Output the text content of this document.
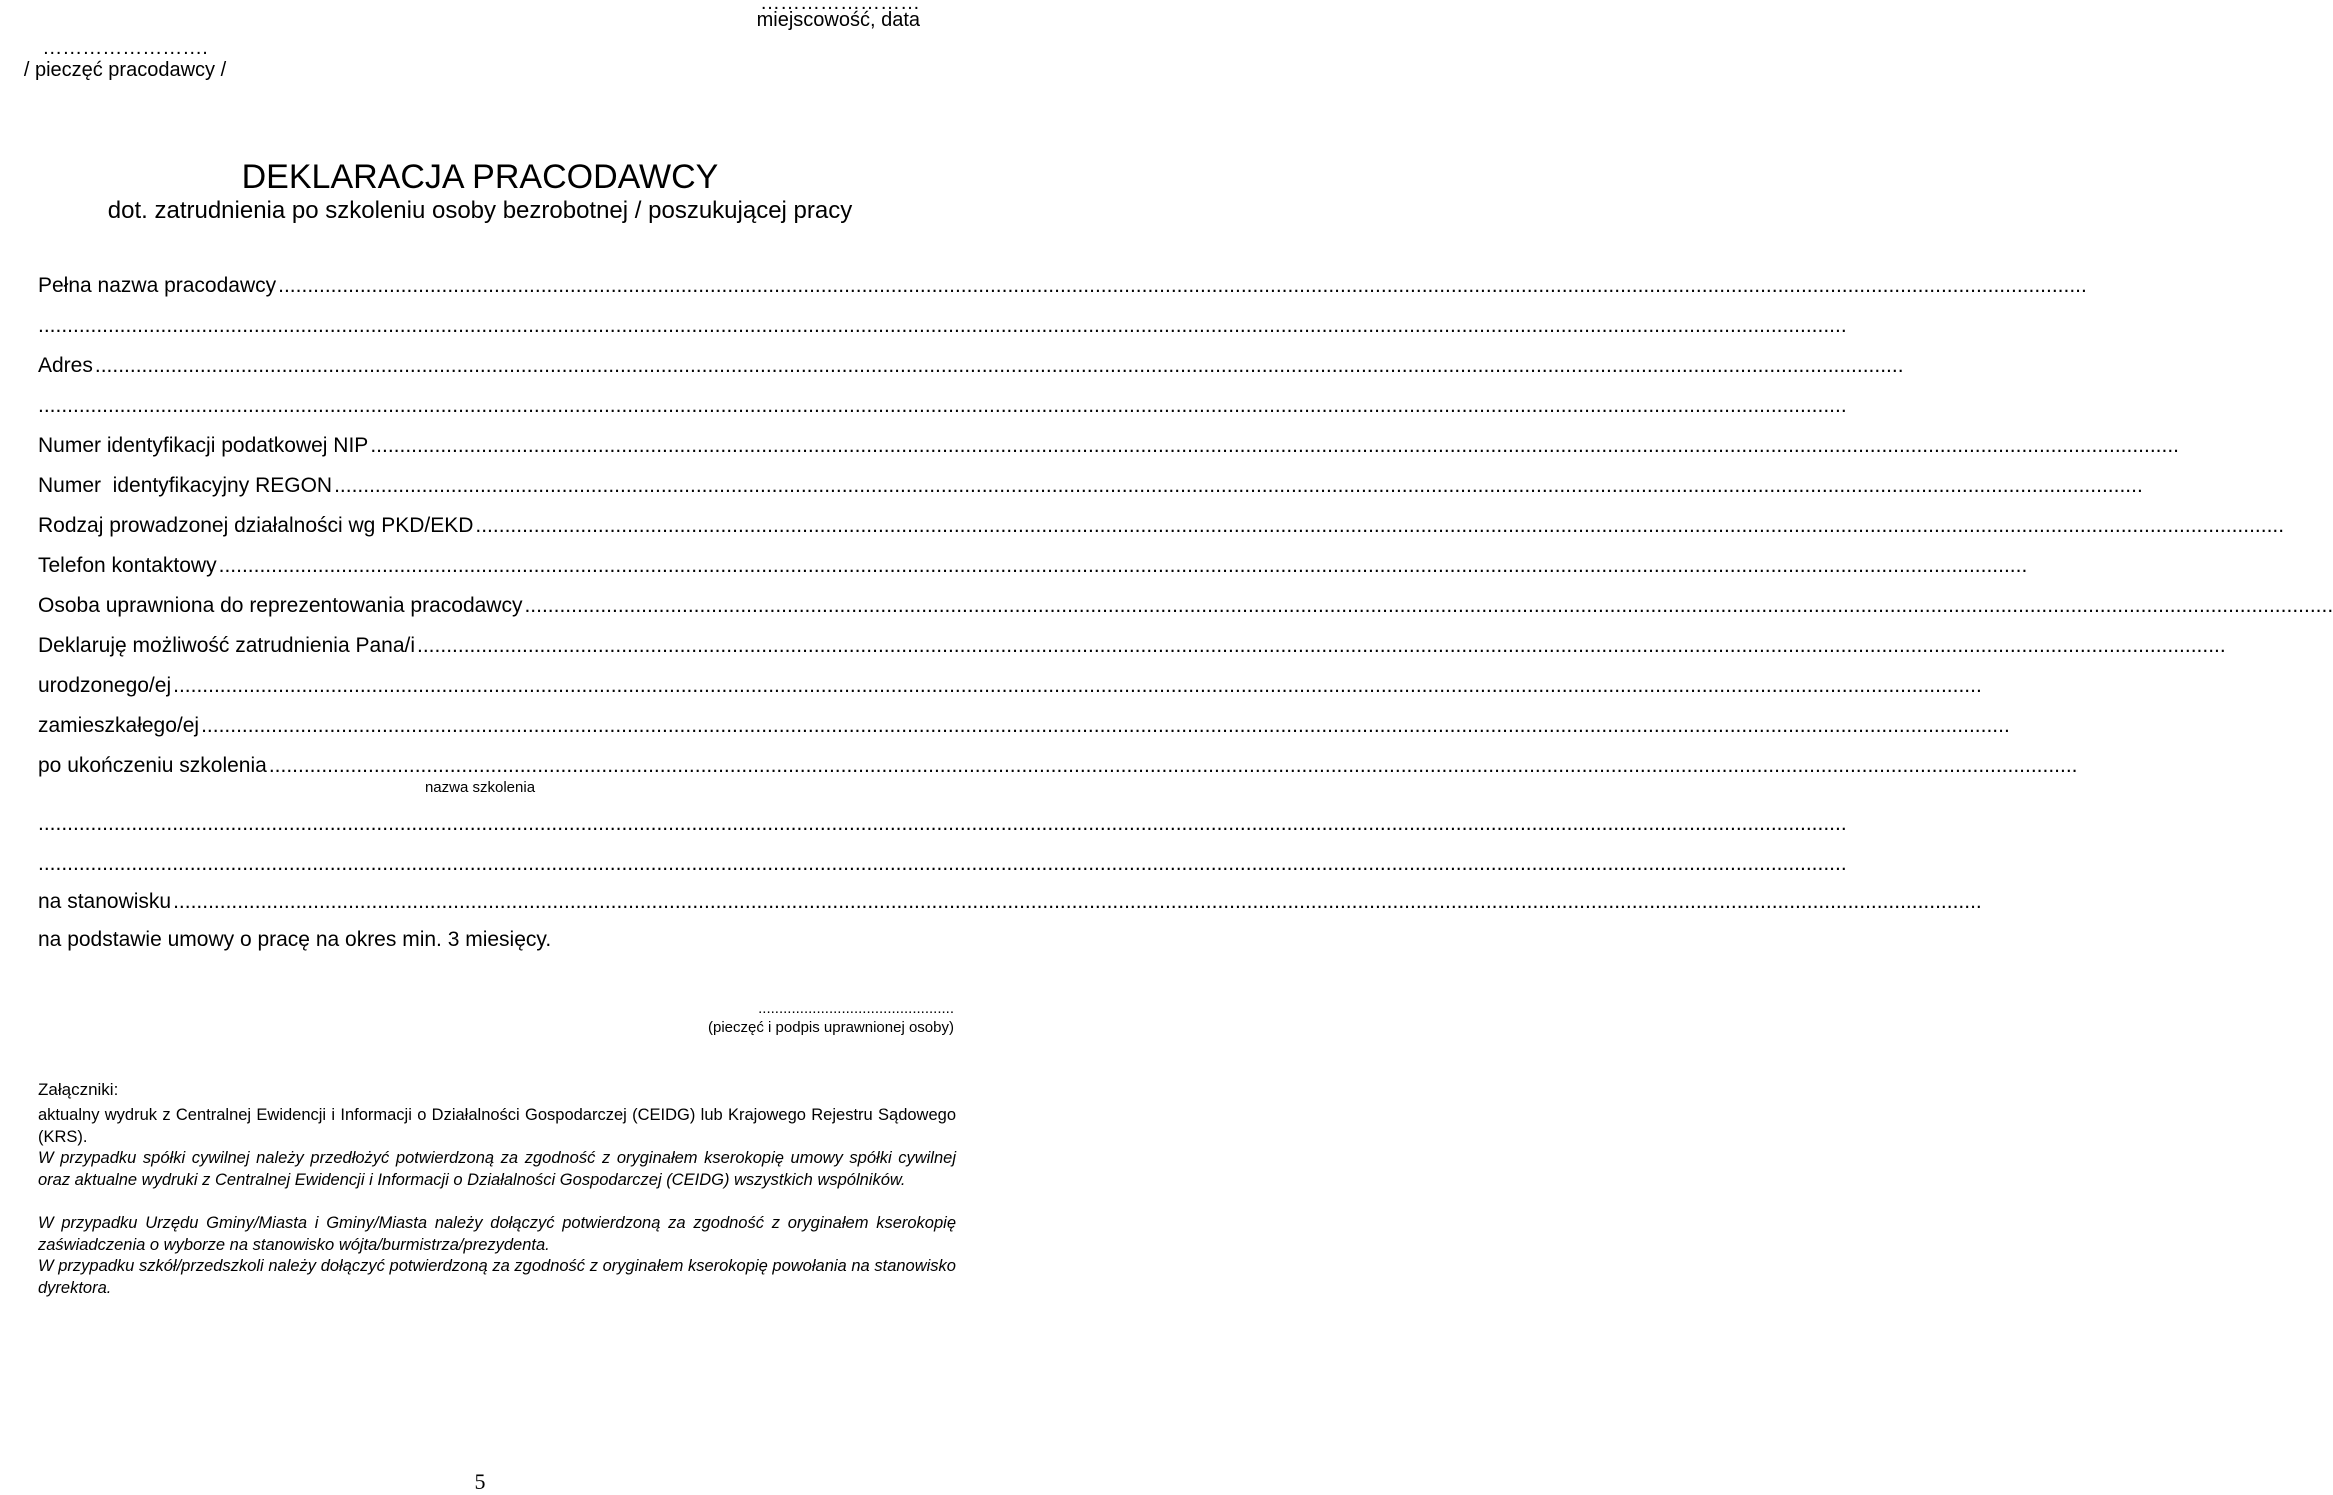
……………………
miejscowość, data
…………………….
/ pieczęć pracodawcy /
DEKLARACJA PRACODAWCY
dot. zatrudnienia po szkoleniu osoby bezrobotnej / poszukującej pracy
Pełna nazwa pracodawcy ......................................................................................................................................................................................................................................................................................................................
......................................................................................................................................................................................................................................................................................................................
Adres ......................................................................................................................................................................................................................................................................................................................
......................................................................................................................................................................................................................................................................................................................
Numer identyfikacji podatkowej NIP ......................................................................................................................................................................................................................................................................................................................
Numer  identyfikacyjny REGON ......................................................................................................................................................................................................................................................................................................................
Rodzaj prowadzonej działalności wg PKD/EKD ......................................................................................................................................................................................................................................................................................................................
Telefon kontaktowy ......................................................................................................................................................................................................................................................................................................................
Osoba uprawniona do reprezentowania pracodawcy ......................................................................................................................................................................................................................................................................................................................
Deklaruję możliwość zatrudnienia Pana/i ......................................................................................................................................................................................................................................................................................................................
urodzonego/ej ......................................................................................................................................................................................................................................................................................................................
zamieszkałego/ej ......................................................................................................................................................................................................................................................................................................................
po ukończeniu szkolenia ......................................................................................................................................................................................................................................................................................................................
nazwa szkolenia
......................................................................................................................................................................................................................................................................................................................
......................................................................................................................................................................................................................................................................................................................
na stanowisku ......................................................................................................................................................................................................................................................................................................................
na podstawie umowy o pracę na okres min. 3 miesięcy.
...............................................
(pieczęć i podpis uprawnionej osoby)
Załączniki:
aktualny wydruk z Centralnej Ewidencji i Informacji o Działalności Gospodarczej (CEIDG) lub Krajowego Rejestru Sądowego (KRS).
W przypadku spółki cywilnej należy przedłożyć potwierdzoną za zgodność z oryginałem kserokopię umowy spółki cywilnej oraz aktualne wydruki z Centralnej Ewidencji i Informacji o Działalności Gospodarczej (CEIDG) wszystkich wspólników.
W przypadku Urzędu Gminy/Miasta i Gminy/Miasta należy dołączyć potwierdzoną za zgodność z oryginałem kserokopię zaświadczenia o wyborze na stanowisko wójta/burmistrza/prezydenta.
W przypadku szkół/przedszkoli należy dołączyć potwierdzoną za zgodność z oryginałem kserokopię powołania na stanowisko dyrektora.
5
